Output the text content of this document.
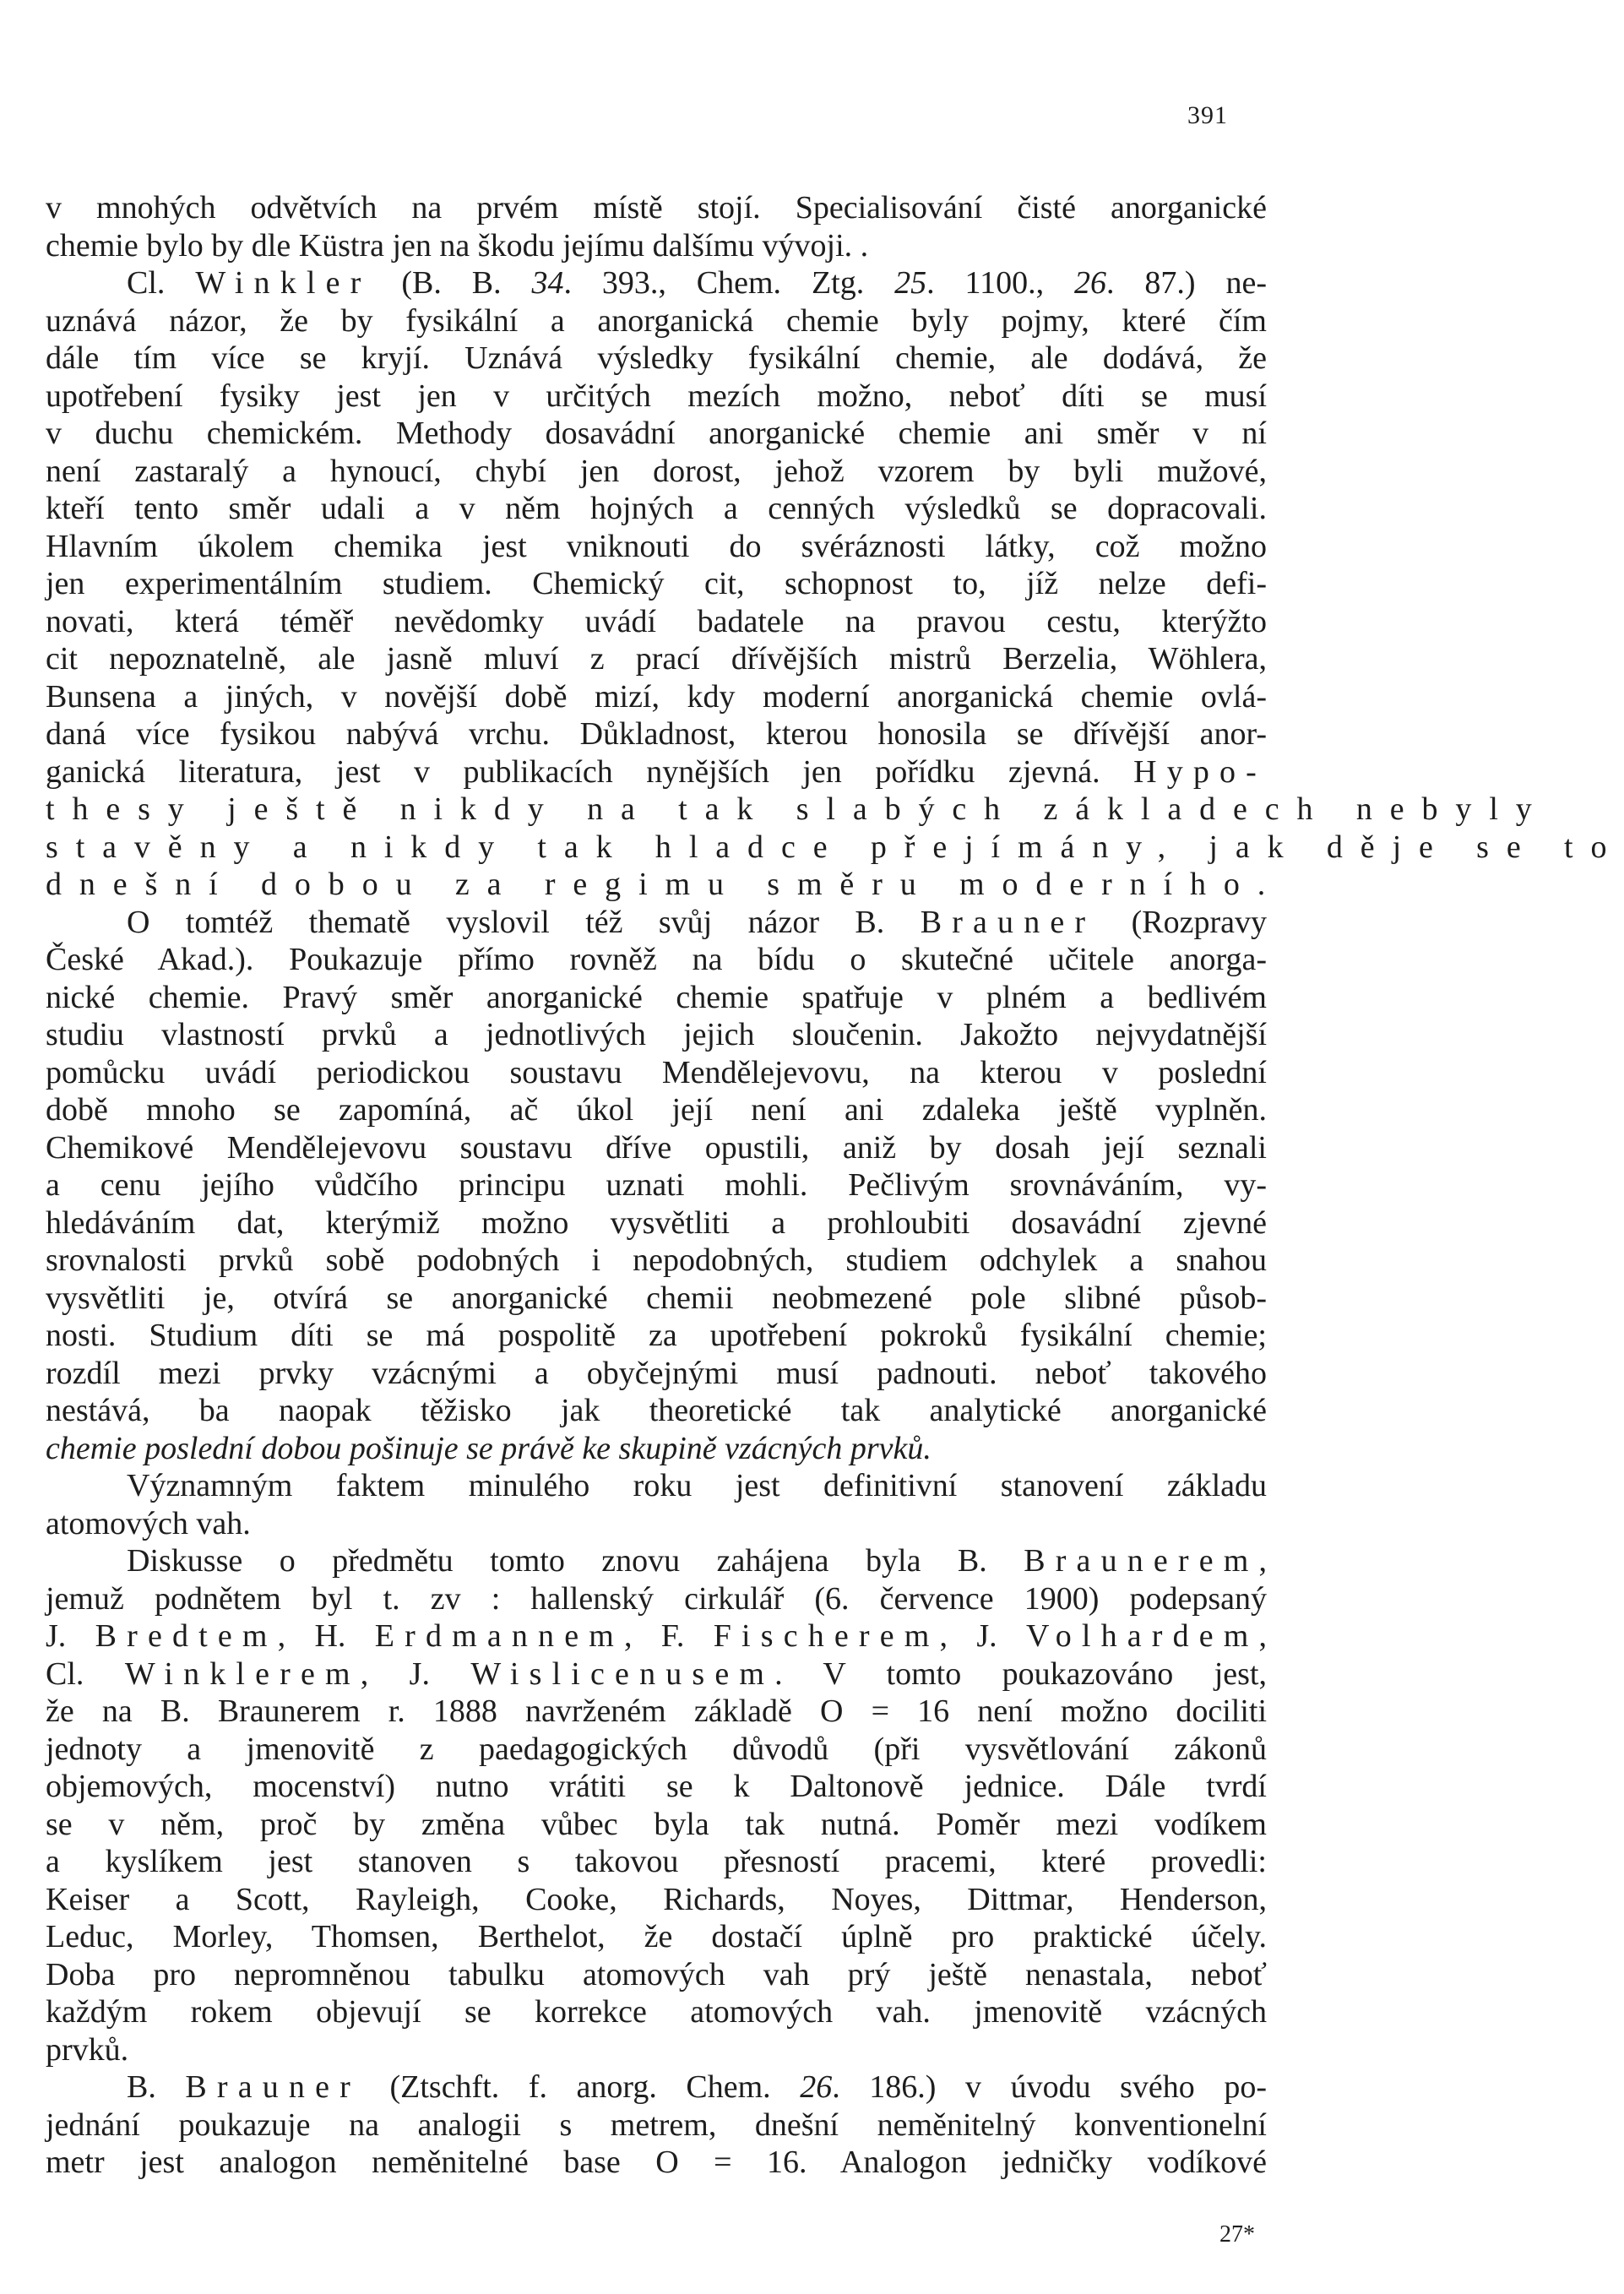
391
v mnohých odvětvích na prvém místě stojí. Specialisování čisté anorganické
chemie bylo by dle Küstra jen na škodu jejímu dalšímu vývoji. .
Cl. Winkler (B. B. 34. 393., Chem. Ztg. 25. 1100., 26. 87.) ne-
uznává názor, že by fysikální a anorganická chemie byly pojmy, které čím
dále tím více se kryjí. Uznává výsledky fysikální chemie, ale dodává, že
upotřebení fysiky jest jen v určitých mezích možno, neboť díti se musí
v duchu chemickém. Methody dosavádní anorganické chemie ani směr v ní
není zastaralý a hynoucí, chybí jen dorost, jehož vzorem by byli mužové,
kteří tento směr udali a v něm hojných a cenných výsledků se dopracovali.
Hlavním úkolem chemika jest vniknouti do svéráznosti látky, což možno
jen experimentálním studiem. Chemický cit, schopnost to, jíž nelze defi-
novati, která téměř nevědomky uvádí badatele na pravou cestu, kterýžto
cit nepoznatelně, ale jasně mluví z prací dřívějších mistrů Berzelia, Wöhlera,
Bunsena a jiných, v novější době mizí, kdy moderní anorganická chemie ovlá-
daná více fysikou nabývá vrchu. Důkladnost, kterou honosila se dřívější anor-
ganická literatura, jest v publikacích nynějších jen pořídku zjevná. Hypo-
thesy ještě nikdy na tak slabých základech nebyly
stavěny a nikdy tak hladce přejímány, jak děje se to
dnešní dobou za regimu směru moderního.
O tomtéž thematě vyslovil též svůj názor B. Brauner (Rozpravy
České Akad.). Poukazuje přímo rovněž na bídu o skutečné učitele anorga-
nické chemie. Pravý směr anorganické chemie spatřuje v plném a bedlivém
studiu vlastností prvků a jednotlivých jejich sloučenin. Jakožto nejvydatnější
pomůcku uvádí periodickou soustavu Mendělejevovu, na kterou v poslední
době mnoho se zapomíná, ač úkol její není ani zdaleka ještě vyplněn.
Chemikové Mendělejevovu soustavu dříve opustili, aniž by dosah její seznali
a cenu jejího vůdčího principu uznati mohli. Pečlivým srovnáváním, vy-
hledáváním dat, kterýmiž možno vysvětliti a prohloubiti dosavádní zjevné
srovnalosti prvků sobě podobných i nepodobných, studiem odchylek a snahou
vysvětliti je, otvírá se anorganické chemii neobmezené pole slibné působ-
nosti. Studium díti se má pospolitě za upotřebení pokroků fysikální chemie;
rozdíl mezi prvky vzácnými a obyčejnými musí padnouti. neboť takového
nestává, ba naopak těžisko jak theoretické tak analytické anorganické
chemie poslední dobou pošinuje se právě ke skupině vzácných prvků.
Významným faktem minulého roku jest definitivní stanovení základu
atomových vah.
Diskusse o předmětu tomto znovu zahájena byla B. Braunerem,
jemuž podnětem byl t. zv : hallenský cirkulář (6. července 1900) podepsaný
J. Bredtem, H. Erdmannem, F. Fischerem, J. Volhardem,
Cl. Winklerem, J. Wislicenusem. V tomto poukazováno jest,
že na B. Braunerem r. 1888 navrženém základě O = 16 není možno dociliti
jednoty a jmenovitě z paedagogických důvodů (při vysvětlování zákonů
objemových, mocenství) nutno vrátiti se k Daltonově jednice. Dále tvrdí
se v něm, proč by změna vůbec byla tak nutná. Poměr mezi vodíkem
a kyslíkem jest stanoven s takovou přesností pracemi, které provedli:
Keiser a Scott, Rayleigh, Cooke, Richards, Noyes, Dittmar, Henderson,
Leduc, Morley, Thomsen, Berthelot, že dostačí úplně pro praktické účely.
Doba pro nepromněnou tabulku atomových vah prý ještě nenastala, neboť
každým rokem objevují se korrekce atomových vah. jmenovitě vzácných
prvků.
B. Brauner (Ztschft. f. anorg. Chem. 26. 186.) v úvodu svého po-
jednání poukazuje na analogii s metrem, dnešní neměnitelný konventionelní
metr jest analogon neměnitelné base O = 16. Analogon jedničky vodíkové
27*
